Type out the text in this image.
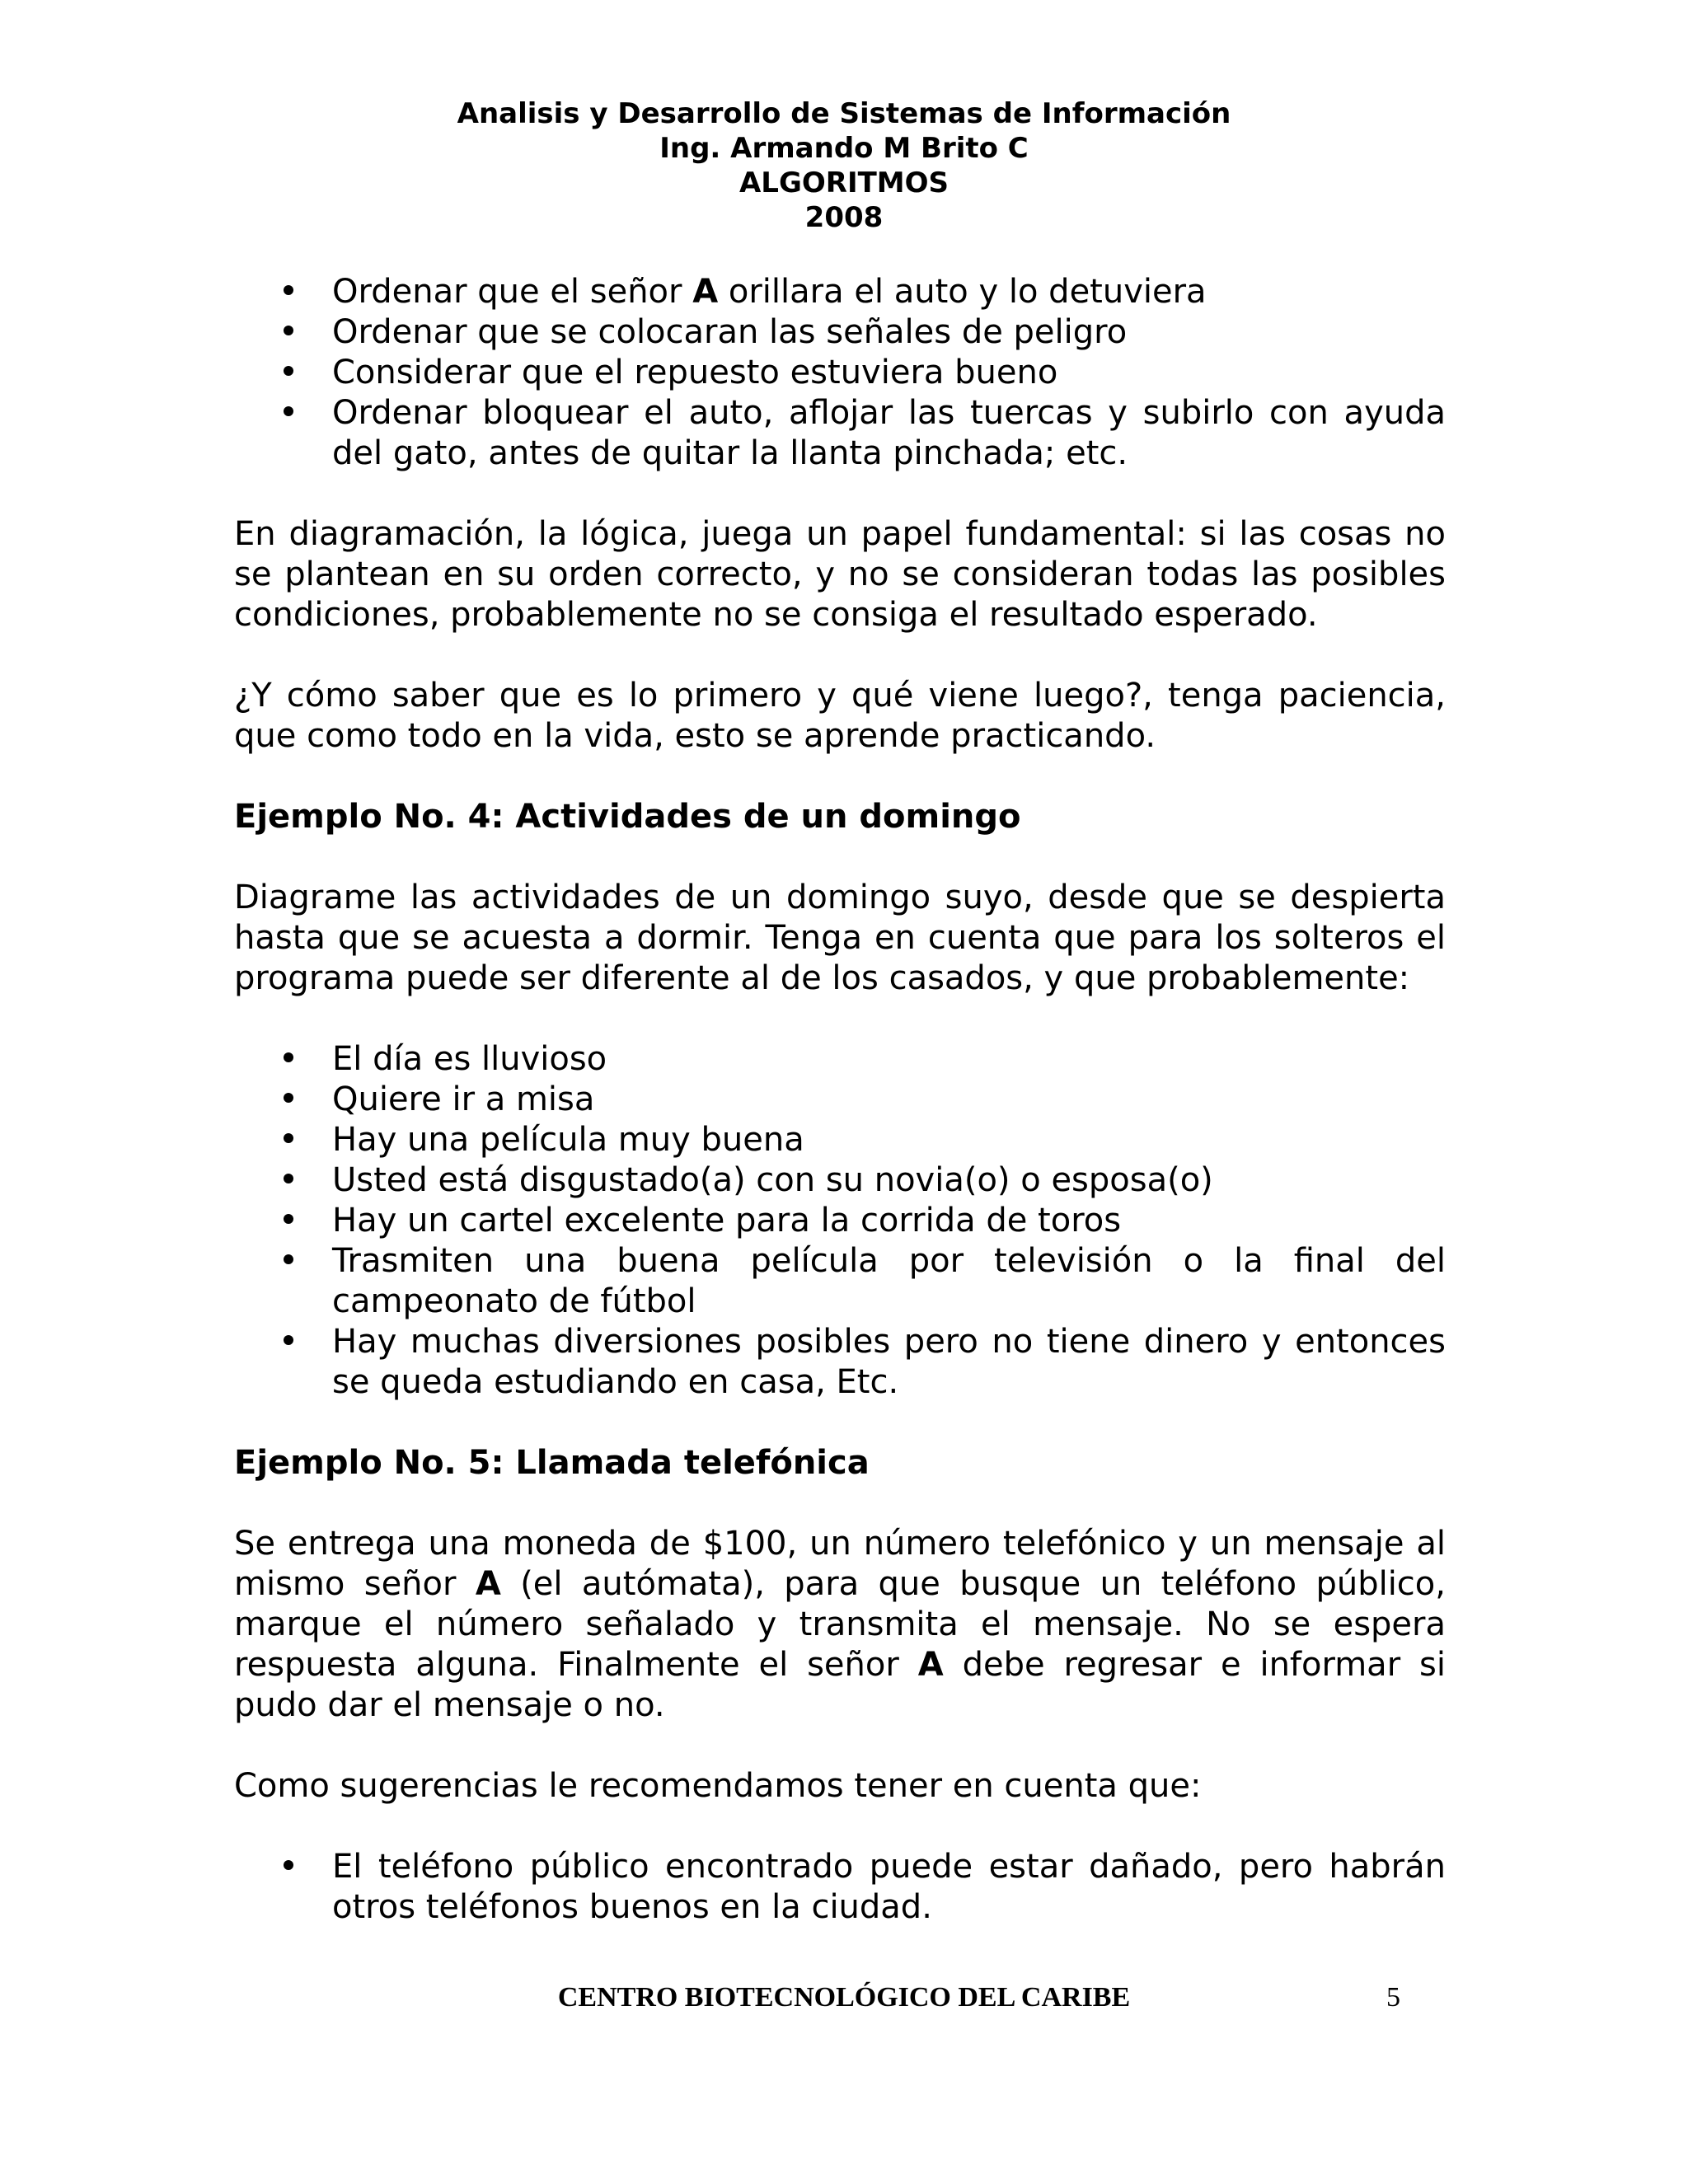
Analisis y Desarrollo de Sistemas de Información
Ing. Armando M Brito C
ALGORITMOS
2008
Ordenar que el señor A orillara el auto y lo detuviera
Ordenar que se colocaran las señales de peligro
Considerar que el repuesto estuviera bueno
Ordenar bloquear el auto, aflojar las tuercas y subirlo con ayuda del gato, antes de quitar la llanta pinchada; etc.

En diagramación, la lógica, juega un papel fundamental: si las cosas no se plantean en su orden correcto, y no se consideran todas las posibles condiciones, probablemente no se consiga el resultado esperado.

¿Y cómo saber que es lo primero y qué viene luego?, tenga paciencia, que como todo en la vida, esto se aprende practicando.

Ejemplo No. 4: Actividades de un domingo

Diagrame las actividades de un domingo suyo, desde que se despierta hasta que se acuesta a dormir. Tenga en cuenta que para los solteros el programa puede ser diferente al de los casados, y que probablemente:

El día es lluvioso
Quiere ir a misa
Hay una película muy buena
Usted está disgustado(a) con su novia(o) o esposa(o)
Hay un cartel excelente para la corrida de toros
Trasmiten una buena película por televisión o la final del campeonato de fútbol
Hay muchas diversiones posibles pero no tiene dinero y entonces se queda estudiando en casa, Etc.
Ejemplo No. 5: Llamada telefónica

Se entrega una moneda de $100, un número telefónico y un mensaje al mismo señor A (el autómata), para que busque un teléfono público, marque el número señalado y transmita el mensaje. No se espera respuesta alguna. Finalmente el señor A debe regresar e informar si pudo dar el mensaje o no.

Como sugerencias le recomendamos tener en cuenta que:

El teléfono público encontrado puede estar dañado, pero habrán otros teléfonos buenos en la ciudad.
CENTRO BIOTECNOLÓGICO DEL CARIBE	5
